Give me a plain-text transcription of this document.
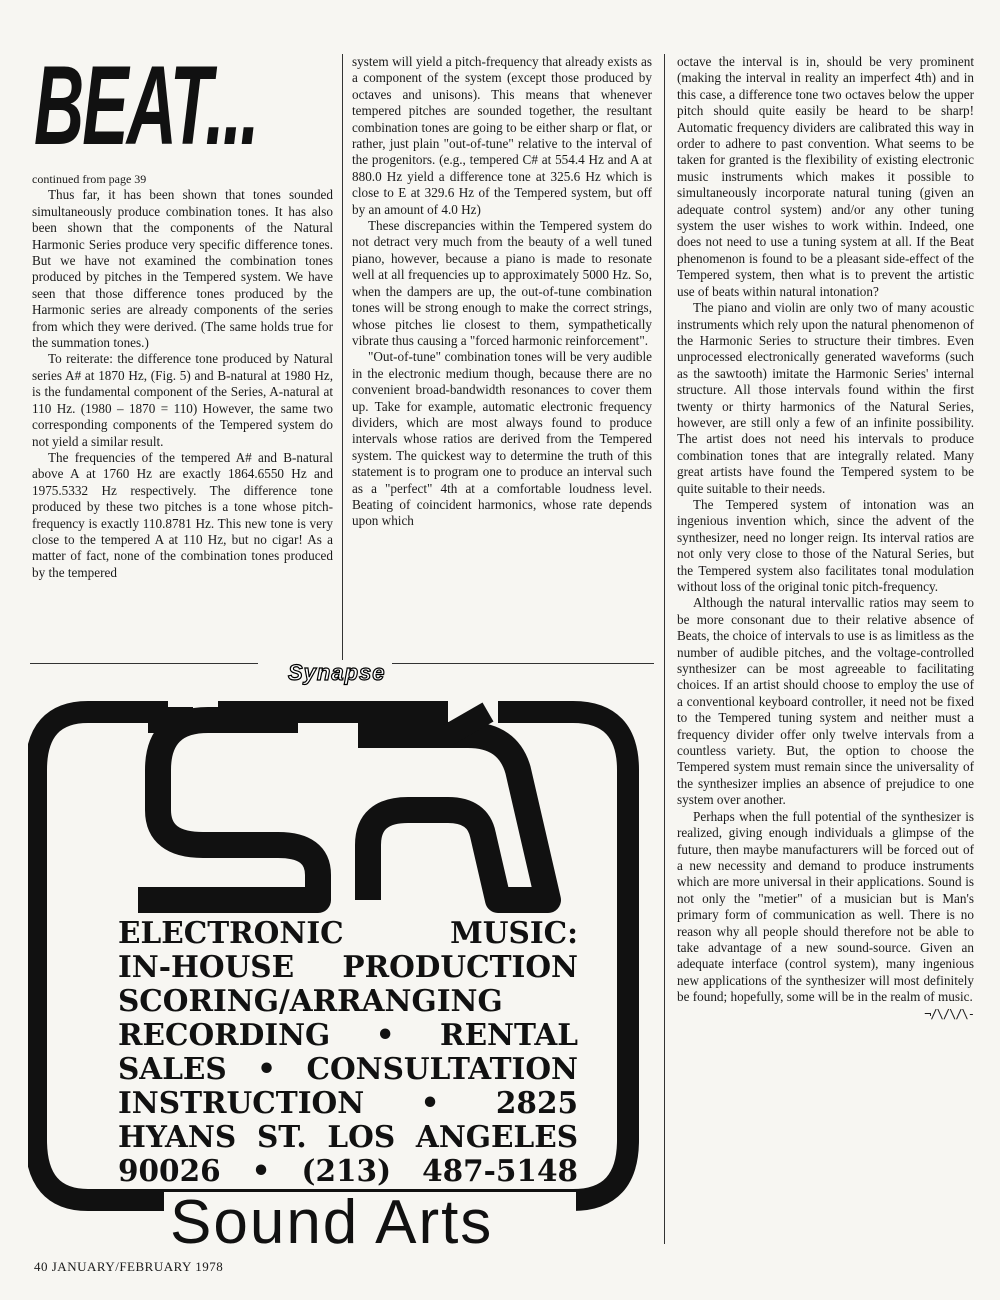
BEAT...

continued from page 39

Thus far, it has been shown that tones sounded simultaneously produce combination tones. It has also been shown that the components of the Natural Harmonic Series produce very specific difference tones. But we have not examined the combination tones produced by pitches in the Tempered system. We have seen that those difference tones produced by the Harmonic series are already components of the series from which they were derived. (The same holds true for the summation tones.)

To reiterate: the difference tone produced by Natural series A# at 1870 Hz, (Fig. 5) and B-natural at 1980 Hz, is the fundamental component of the Series, A-natural at 110 Hz. (1980 – 1870 = 110) However, the same two corresponding components of the Tempered system do not yield a similar result.

The frequencies of the tempered A# and B-natural above A at 1760 Hz are exactly 1864.6550 Hz and 1975.5332 Hz respectively. The difference tone produced by these two pitches is a tone whose pitch-frequency is exactly 110.8781 Hz. This new tone is very close to the tempered A at 110 Hz, but no cigar! As a matter of fact, none of the combination tones produced by the tempered

system will yield a pitch-frequency that already exists as a component of the system (except those produced by octaves and unisons). This means that whenever tempered pitches are sounded together, the resultant combination tones are going to be either sharp or flat, or rather, just plain "out-of-tune" relative to the interval of the progenitors. (e.g., tempered C# at 554.4 Hz and A at 880.0 Hz yield a difference tone at 325.6 Hz which is close to E at 329.6 Hz of the Tempered system, but off by an amount of 4.0 Hz)

These discrepancies within the Tempered system do not detract very much from the beauty of a well tuned piano, however, because a piano is made to resonate well at all frequencies up to approximately 5000 Hz. So, when the dampers are up, the out-of-tune combination tones will be strong enough to make the correct strings, whose pitches lie closest to them, sympathetically vibrate thus causing a "forced harmonic reinforcement".

"Out-of-tune" combination tones will be very audible in the electronic medium though, because there are no convenient broad-bandwidth resonances to cover them up. Take for example, automatic electronic frequency dividers, which are most always found to produce intervals whose ratios are derived from the Tempered system. The quickest way to determine the truth of this statement is to program one to produce an interval such as a "perfect" 4th at a comfortable loudness level. Beating of coincident harmonics, whose rate depends upon which

octave the interval is in, should be very prominent (making the interval in reality an imperfect 4th) and in this case, a difference tone two octaves below the upper pitch should quite easily be heard to be sharp! Automatic frequency dividers are calibrated this way in order to adhere to past convention. What seems to be taken for granted is the flexibility of existing electronic music instruments which makes it possible to simultaneously incorporate natural tuning (given an adequate control system) and/or any other tuning system the user wishes to work within. Indeed, one does not need to use a tuning system at all. If the Beat phenomenon is found to be a pleasant side-effect of the Tempered system, then what is to prevent the artistic use of beats within natural intonation?

The piano and violin are only two of many acoustic instruments which rely upon the natural phenomenon of the Harmonic Series to structure their timbres. Even unprocessed electronically generated waveforms (such as the sawtooth) imitate the Harmonic Series' internal structure. All those intervals found within the first twenty or thirty harmonics of the Natural Series, however, are still only a few of an infinite possibility. The artist does not need his intervals to produce combination tones that are integrally related. Many great artists have found the Tempered system to be quite suitable to their needs.

The Tempered system of intonation was an ingenious invention which, since the advent of the synthesizer, need no longer reign. Its interval ratios are not only very close to those of the Natural Series, but the Tempered system also facilitates tonal modulation without loss of the original tonic pitch-frequency.

Although the natural intervallic ratios may seem to be more consonant due to their relative absence of Beats, the choice of intervals to use is as limitless as the number of audible pitches, and the voltage-controlled synthesizer can be most agreeable to facilitating choices. If an artist should choose to employ the use of a conventional keyboard controller, it need not be fixed to the Tempered tuning system and neither must a frequency divider offer only twelve intervals from a countless variety. But, the option to choose the Tempered system must remain since the universality of the synthesizer implies an absence of prejudice to one system over another.

Perhaps when the full potential of the synthesizer is realized, giving enough individuals a glimpse of the future, then maybe manufacturers will be forced out of a new necessity and demand to produce instruments which are more universal in their applications. Sound is not only the "metier" of a musician but is Man's primary form of communication as well. There is no reason why all people should therefore not be able to take advantage of a new sound-source. Given an adequate interface (control system), many ingenious new applications of the synthesizer will most definitely be found; hopefully, some will be in the realm of music.

¬/\/\/\-

Synapse
ELECTRONIC MUSIC:
IN-HOUSE PRODUCTION
SCORING/ARRANGING
RECORDING • RENTAL
SALES • CONSULTATION
INSTRUCTION • 2825
HYANS ST. LOS ANGELES
90026 • (213) 487-5148
Sound Arts
40 JANUARY/FEBRUARY 1978
